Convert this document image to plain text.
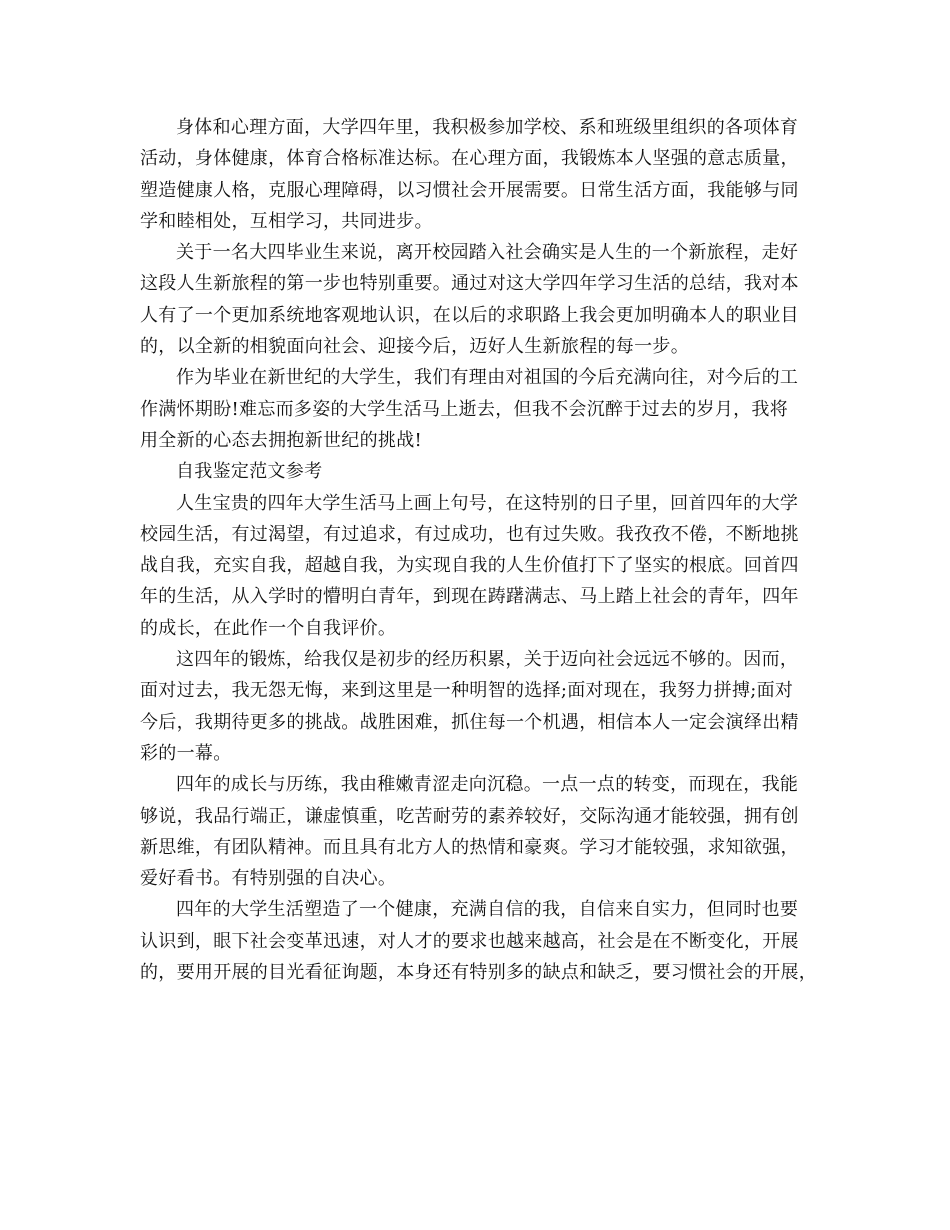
身体和心理方面，大学四年里，我积极参加学校、系和班级里组织的各项体育
活动，身体健康，体育合格标准达标。在心理方面，我锻炼本人坚强的意志质量，
塑造健康人格，克服心理障碍，以习惯社会开展需要。日常生活方面，我能够与同
学和睦相处，互相学习，共同进步。
关于一名大四毕业生来说，离开校园踏入社会确实是人生的一个新旅程，走好
这段人生新旅程的第一步也特别重要。通过对这大学四年学习生活的总结，我对本
人有了一个更加系统地客观地认识，在以后的求职路上我会更加明确本人的职业目
的，以全新的相貌面向社会、迎接今后，迈好人生新旅程的每一步。
作为毕业在新世纪的大学生，我们有理由对祖国的今后充满向往，对今后的工
作满怀期盼!难忘而多姿的大学生活马上逝去，但我不会沉醉于过去的岁月，我将
用全新的心态去拥抱新世纪的挑战!
自我鉴定范文参考
人生宝贵的四年大学生活马上画上句号，在这特别的日子里，回首四年的大学
校园生活，有过渴望，有过追求，有过成功，也有过失败。我孜孜不倦，不断地挑
战自我，充实自我，超越自我，为实现自我的人生价值打下了坚实的根底。回首四
年的生活，从入学时的懵明白青年，到现在踌躇满志、马上踏上社会的青年，四年
的成长，在此作一个自我评价。
这四年的锻炼，给我仅是初步的经历积累，关于迈向社会远远不够的。因而，
面对过去，我无怨无悔，来到这里是一种明智的选择;面对现在，我努力拼搏;面对
今后，我期待更多的挑战。战胜困难，抓住每一个机遇，相信本人一定会演绎出精
彩的一幕。
四年的成长与历练，我由稚嫩青涩走向沉稳。一点一点的转变，而现在，我能
够说，我品行端正，谦虚慎重，吃苦耐劳的素养较好，交际沟通才能较强，拥有创
新思维，有团队精神。而且具有北方人的热情和豪爽。学习才能较强，求知欲强，
爱好看书。有特别强的自决心。
四年的大学生活塑造了一个健康，充满自信的我，自信来自实力，但同时也要
认识到，眼下社会变革迅速，对人才的要求也越来越高，社会是在不断变化，开展
的，要用开展的目光看征询题，本身还有特别多的缺点和缺乏，要习惯社会的开展，
